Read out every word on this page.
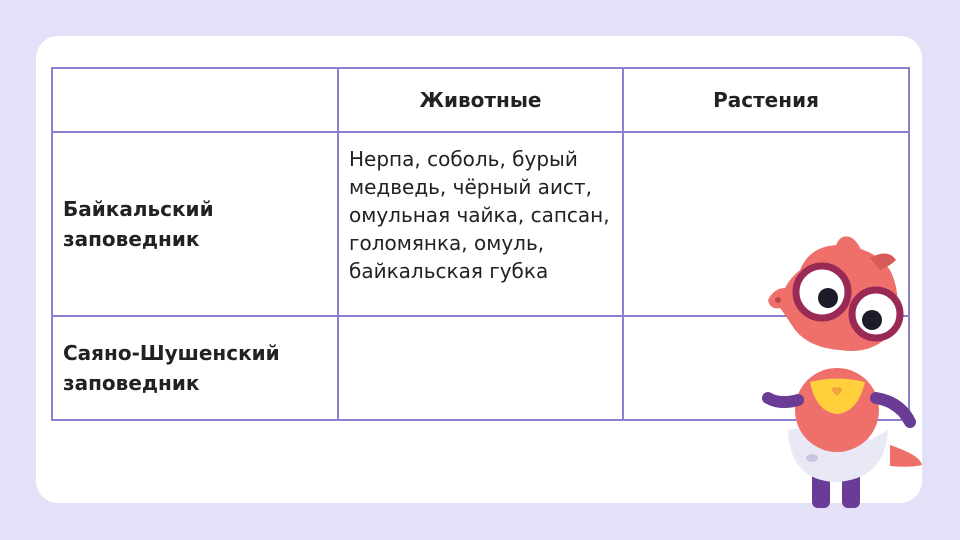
	Животные	Растения
Байкальский заповедник	Нерпа, соболь, бурый медведь, чёрный аист, омульная чайка, сапсан, голомянка, омуль, байкальская губка	
Саяно-Шушенский заповедник		
